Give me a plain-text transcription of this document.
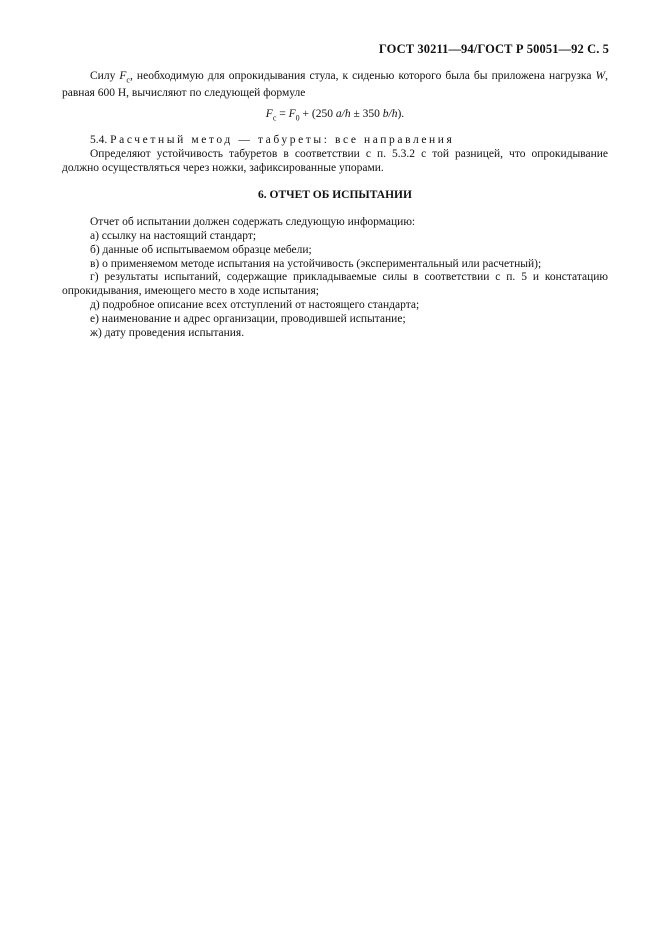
ГОСТ 30211—94/ГОСТ Р 50051—92 С. 5

Силу $F_c$, необходимую для опрокидывания стула, к сиденью которого была бы приложена нагрузка W, равная 600 Н, вычисляют по следующей формуле

$F_c = F_0 + (250$ a/h ± 350 b/h).

5.4. Расчетный метод — табуреты: все направления

Определяют устойчивость табуретов в соответствии с п. 5.3.2 с той разницей, что опрокидывание должно осуществляться через ножки, зафиксированные упорами.

6. ОТЧЕТ ОБ ИСПЫТАНИИ

Отчет об испытании должен содержать следующую информацию:

а) ссылку на настоящий стандарт;

б) данные об испытываемом образце мебели;

в) о применяемом методе испытания на устойчивость (экспериментальный или расчетный);

г) результаты испытаний, содержащие прикладываемые силы в соответствии с п. 5 и констатацию опрокидывания, имеющего место в ходе испытания;

д) подробное описание всех отступлений от настоящего стандарта;

е) наименование и адрес организации, проводившей испытание;

ж) дату проведения испытания.
